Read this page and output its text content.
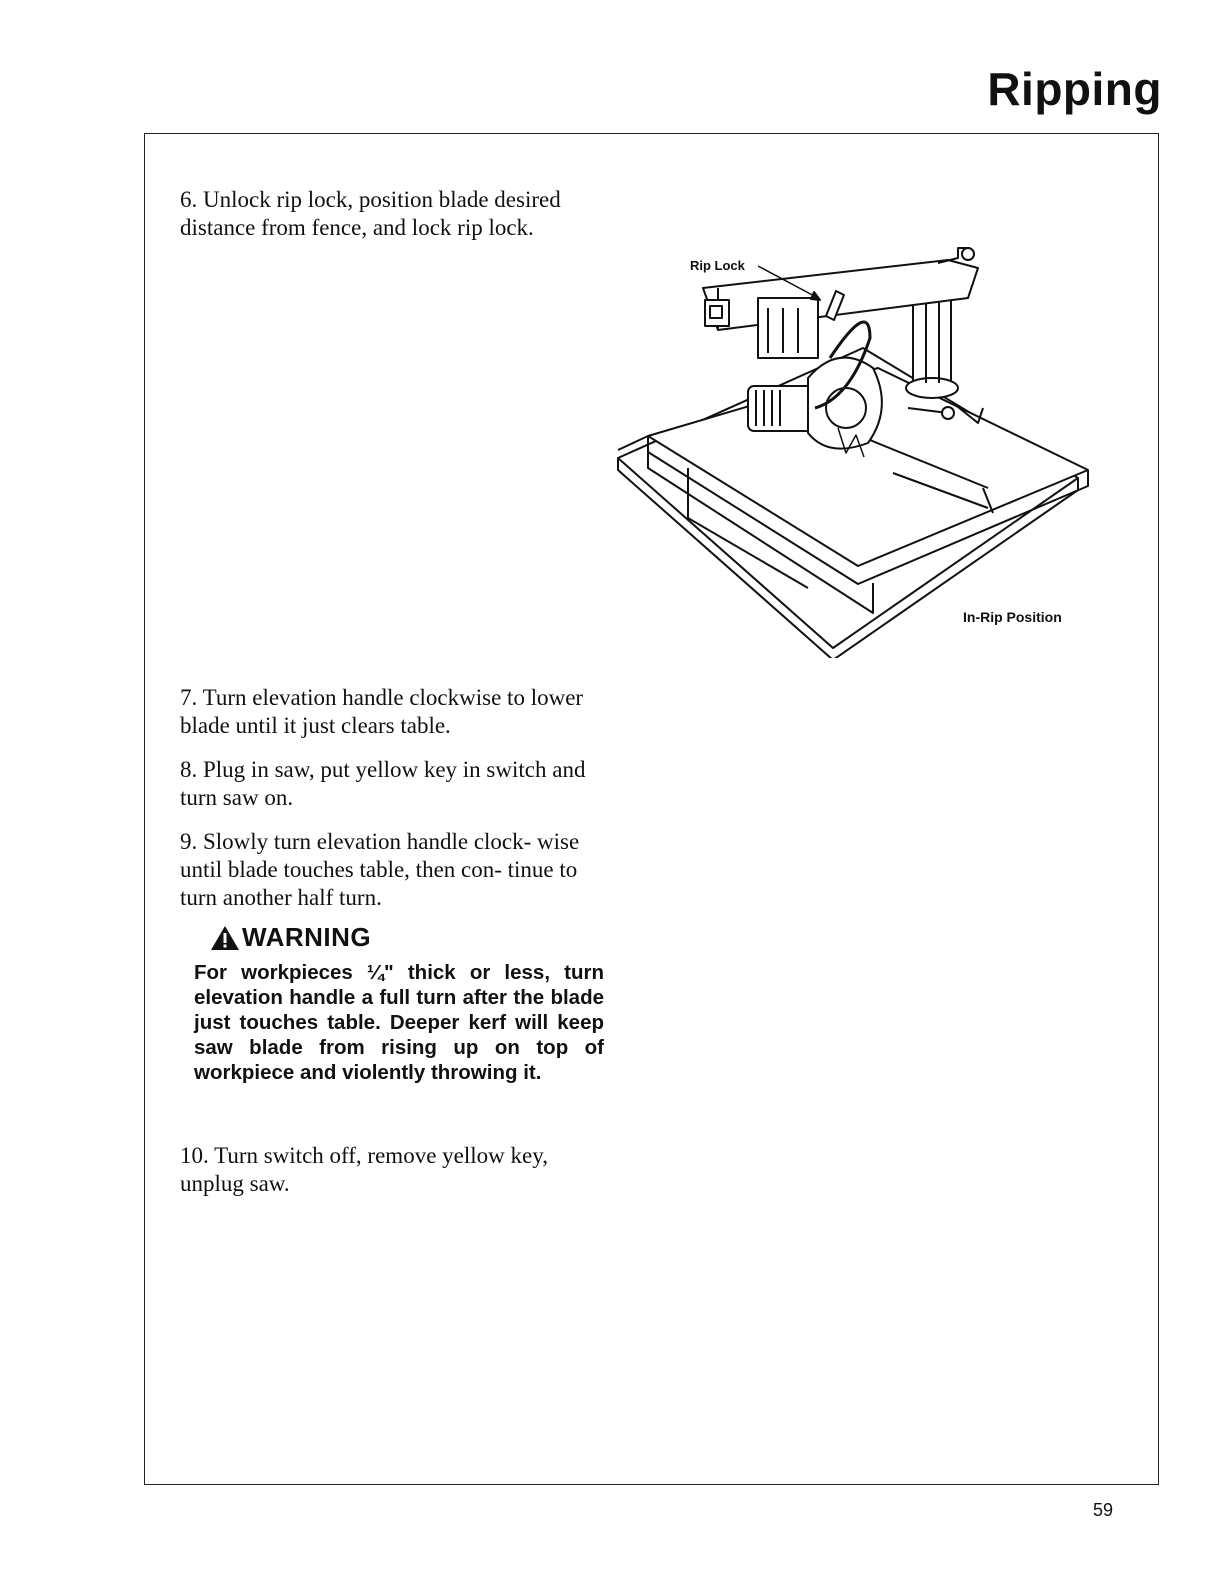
Ripping

6. Unlock rip lock, position blade desired distance from fence, and lock rip lock.

Rip Lock
In-Rip Position

7. Turn elevation handle clockwise to lower blade until it just clears table.

8. Plug in saw, put yellow key in switch and turn saw on.

9. Slowly turn elevation handle clock- wise until blade touches table, then con- tinue to turn another half turn.

WARNING

For workpieces ¼" thick or less, turn elevation handle a full turn after the blade just touches table. Deeper kerf will keep saw blade from rising up on top of workpiece and violently throwing it.

10. Turn switch off, remove yellow key, unplug saw.

59
